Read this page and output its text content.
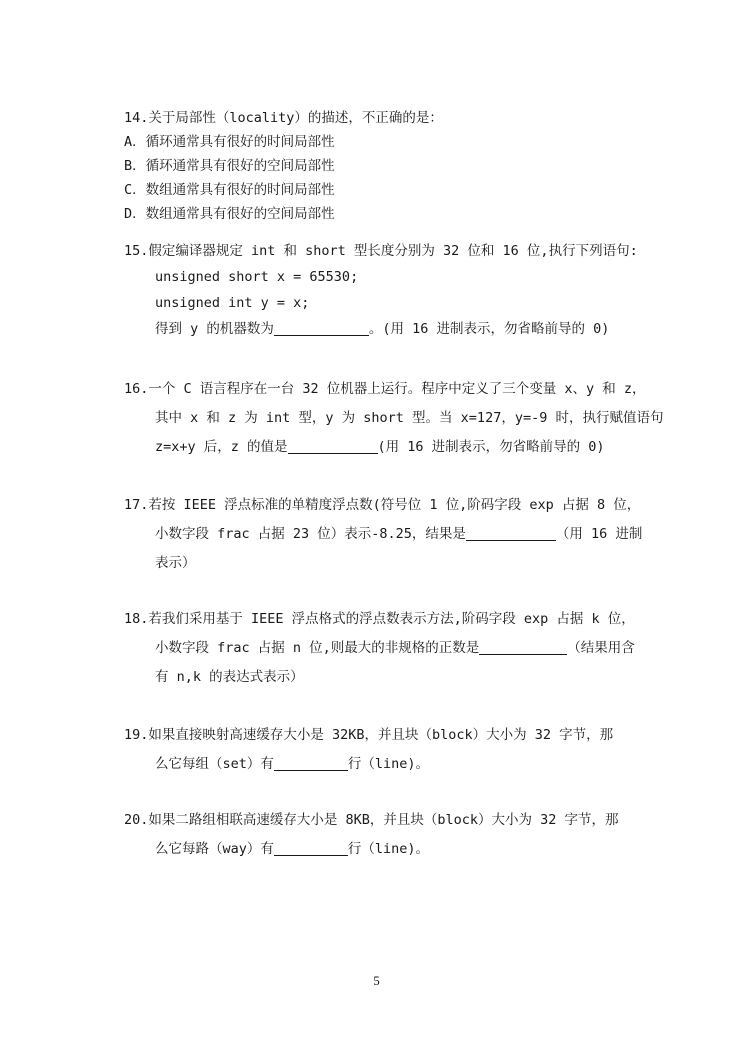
14.关于局部性（locality）的描述，不正确的是：
A．循环通常具有很好的时间局部性
B．循环通常具有很好的空间局部性
C．数组通常具有很好的时间局部性
D．数组通常具有很好的空间局部性
15.假定编译器规定 int 和 short 型长度分别为 32 位和 16 位,执行下列语句:
unsigned short x = 65530;
unsigned int y = x;
得到 y 的机器数为	。(用 16 进制表示，勿省略前导的 0)
16.一个 C 语言程序在一台 32 位机器上运行。程序中定义了三个变量 x、y 和 z，
其中 x 和 z 为 int 型，y 为 short 型。当 x=127，y=-9 时，执行赋值语句
z=x+y 后，z 的值是	(用 16 进制表示，勿省略前导的 0)
17.若按 IEEE 浮点标准的单精度浮点数(符号位 1 位,阶码字段 exp 占据 8 位，
小数字段 frac 占据 23 位）表示-8.25，结果是	（用 16 进制
表示）
18.若我们采用基于 IEEE 浮点格式的浮点数表示方法,阶码字段 exp 占据 k 位，
小数字段 frac 占据 n 位,则最大的非规格的正数是	（结果用含
有 n,k 的表达式表示）
19.如果直接映射高速缓存大小是 32KB，并且块（block）大小为 32 字节，那
么它每组（set）有	行（line)。
20.如果二路组相联高速缓存大小是 8KB，并且块（block）大小为 32 字节，那
么它每路（way）有	行（line)。
5
